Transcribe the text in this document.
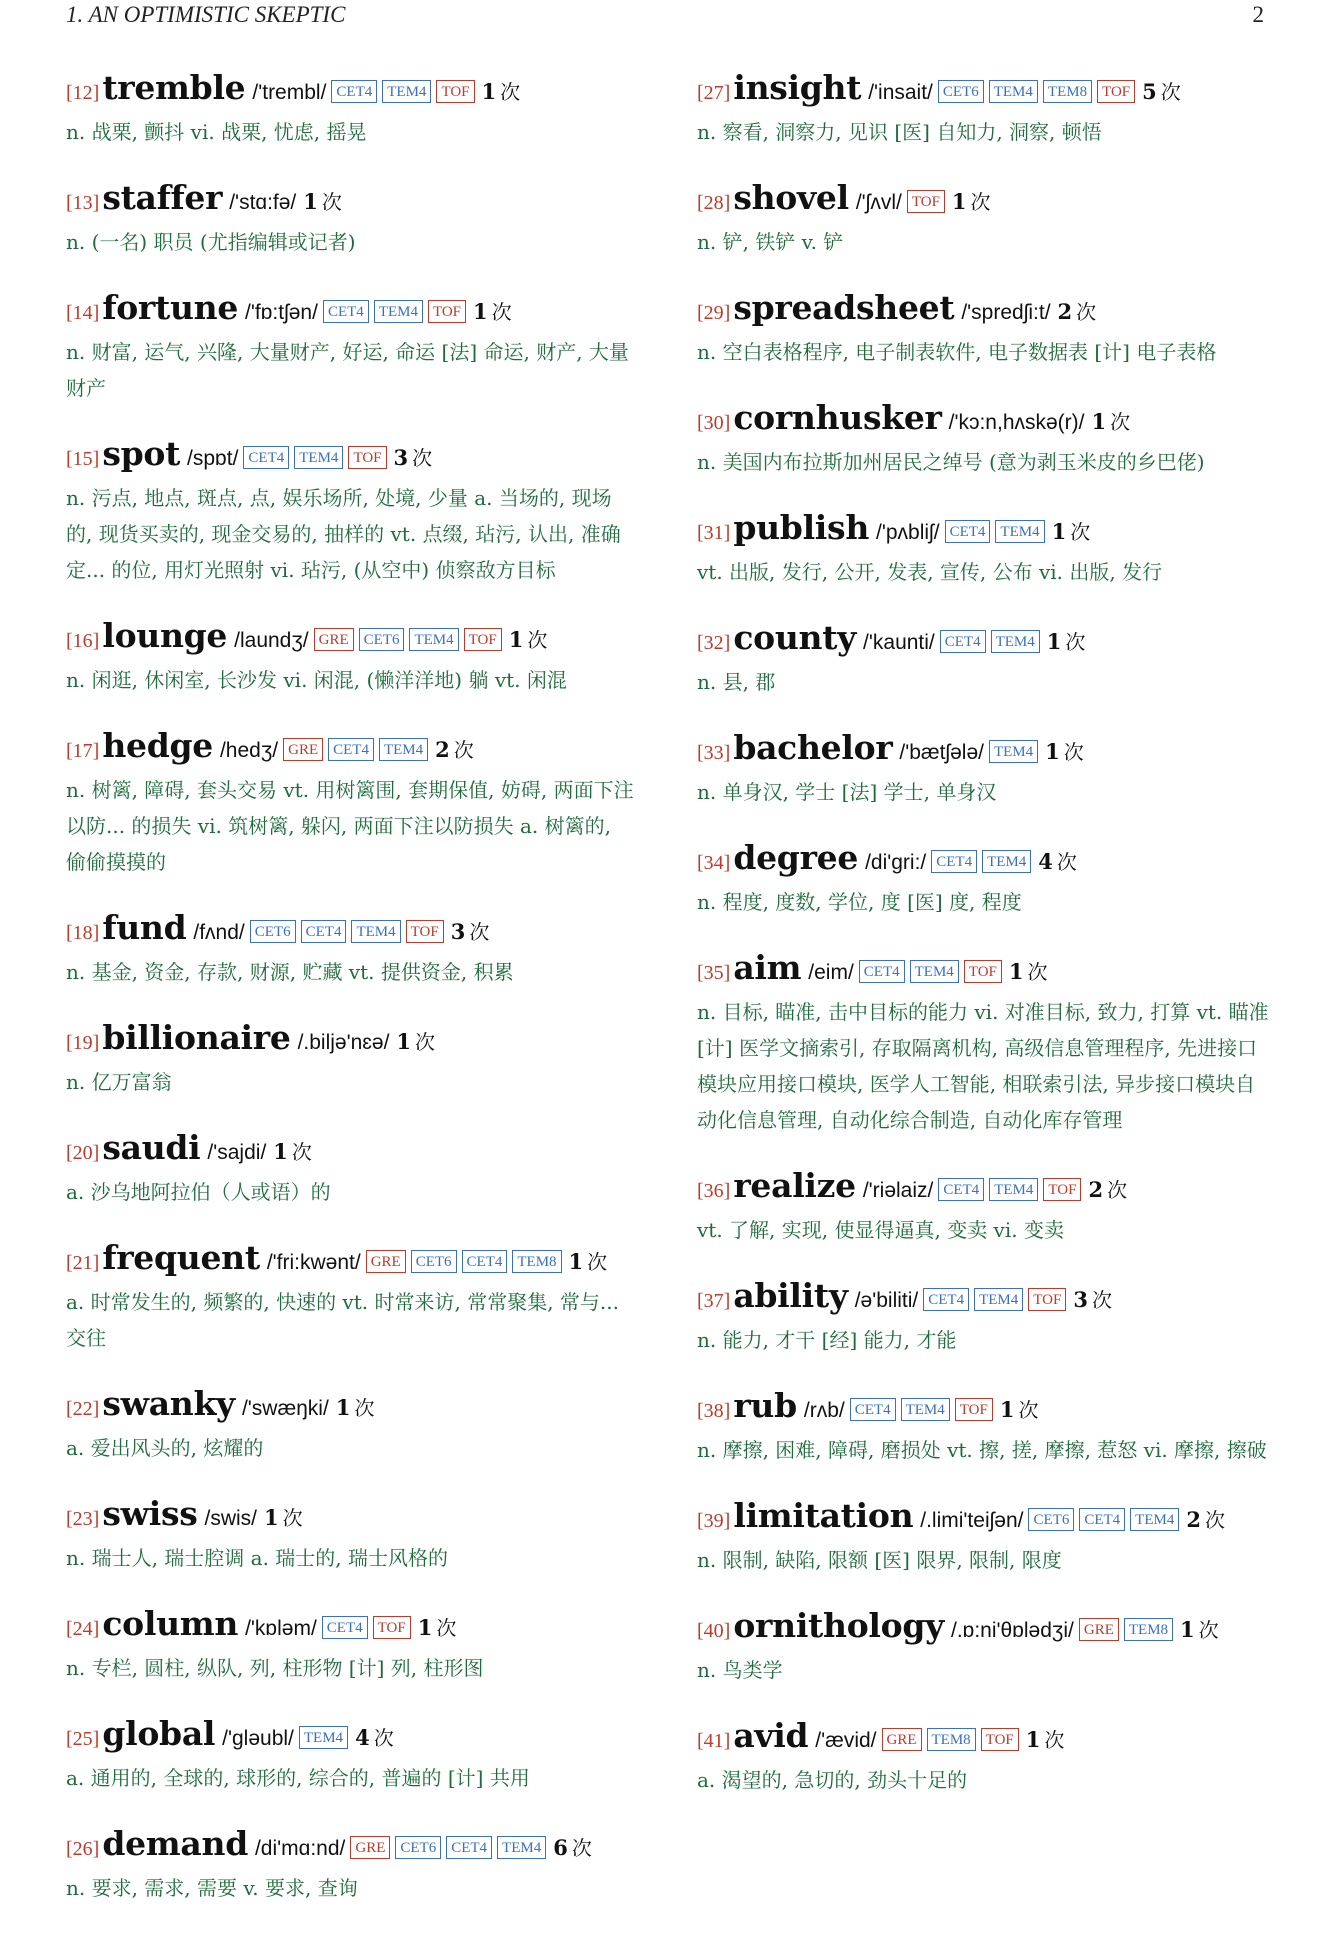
1. AN OPTIMISTIC SKEPTIC	2
[12] tremble /'trembl/ CET4	TEM4	TOF 1 次
n. 战栗, 颤抖 vi. 战栗, 忧虑, 摇晃
[13] staffer /'stɑ:fə/ 1 次
n. (一名) 职员 (尤指编辑或记者)
[14] fortune /'fɒ:tʃən/ CET4	TEM4	TOF 1 次
n. 财富, 运气, 兴隆, 大量财产, 好运, 命运 [法] 命运, 财产, 大量财产
[15] spot /spɒt/ CET4	TEM4	TOF 3 次
n. 污点, 地点, 斑点, 点, 娱乐场所, 处境, 少量 a. 当场的, 现场的, 现货买卖的, 现金交易的, 抽样的 vt. 点缀, 玷污, 认出, 准确定... 的位, 用灯光照射 vi. 玷污, (从空中) 侦察敌方目标
[16] lounge /laundʒ/ GRE	CET6	TEM4	TOF 1 次
n. 闲逛, 休闲室, 长沙发 vi. 闲混, (懒洋洋地) 躺 vt. 闲混
[17] hedge /hedʒ/ GRE	CET4	TEM4 2 次
n. 树篱, 障碍, 套头交易 vt. 用树篱围, 套期保值, 妨碍, 两面下注以防... 的损失 vi. 筑树篱, 躲闪, 两面下注以防损失 a. 树篱的, 偷偷摸摸的
[18] fund /fʌnd/ CET6	CET4	TEM4	TOF 3 次
n. 基金, 资金, 存款, 财源, 贮藏 vt. 提供资金, 积累
[19] billionaire /.biljə'nɛə/ 1 次
n. 亿万富翁
[20] saudi /'sajdi/ 1 次
a. 沙乌地阿拉伯（人或语）的
[21] frequent /'fri:kwənt/ GRE	CET6	CET4	TEM8 1 次
a. 时常发生的, 频繁的, 快速的 vt. 时常来访, 常常聚集, 常与... 交往
[22] swanky /'swæŋki/ 1 次
a. 爱出风头的, 炫耀的
[23] swiss /swis/ 1 次
n. 瑞士人, 瑞士腔调 a. 瑞士的, 瑞士风格的
[24] column /'kɒləm/ CET4	TOF 1 次
n. 专栏, 圆柱, 纵队, 列, 柱形物 [计] 列, 柱形图
[25] global /'gləubl/ TEM4 4 次
a. 通用的, 全球的, 球形的, 综合的, 普遍的 [计] 共用
[26] demand /di'mɑ:nd/ GRE	CET6	CET4	TEM4 6 次
n. 要求, 需求, 需要 v. 要求, 查询
[27] insight /'insait/ CET6	TEM4	TEM8	TOF 5 次
n. 察看, 洞察力, 见识 [医] 自知力, 洞察, 顿悟
[28] shovel /'ʃʌvl/ TOF 1 次
n. 铲, 铁铲 v. 铲
[29] spreadsheet /'spredʃi:t/ 2 次
n. 空白表格程序, 电子制表软件, 电子数据表 [计] 电子表格
[30] cornhusker /'kɔ:n,hʌskə(r)/ 1 次
n. 美国内布拉斯加州居民之绰号 (意为剥玉米皮的乡巴佬)
[31] publish /'pʌbliʃ/ CET4	TEM4 1 次
vt. 出版, 发行, 公开, 发表, 宣传, 公布 vi. 出版, 发行
[32] county /'kaunti/ CET4	TEM4 1 次
n. 县, 郡
[33] bachelor /'bætʃələ/ TEM4 1 次
n. 单身汉, 学士 [法] 学士, 单身汉
[34] degree /di'gri:/ CET4	TEM4 4 次
n. 程度, 度数, 学位, 度 [医] 度, 程度
[35] aim /eim/ CET4	TEM4	TOF 1 次
n. 目标, 瞄准, 击中目标的能力 vi. 对准目标, 致力, 打算 vt. 瞄准 [计] 医学文摘索引, 存取隔离机构, 高级信息管理程序, 先进接口模块应用接口模块, 医学人工智能, 相联索引法, 异步接口模块自动化信息管理, 自动化综合制造, 自动化库存管理
[36] realize /'riəlaiz/ CET4	TEM4	TOF 2 次
vt. 了解, 实现, 使显得逼真, 变卖 vi. 变卖
[37] ability /ə'biliti/ CET4	TEM4	TOF 3 次
n. 能力, 才干 [经] 能力, 才能
[38] rub /rʌb/ CET4	TEM4	TOF 1 次
n. 摩擦, 困难, 障碍, 磨损处 vt. 擦, 搓, 摩擦, 惹怒 vi. 摩擦, 擦破
[39] limitation /.limi'teiʃən/ CET6	CET4	TEM4 2 次
n. 限制, 缺陷, 限额 [医] 限界, 限制, 限度
[40] ornithology /.ɒ:ni'θɒlədʒi/ GRE	TEM8 1 次
n. 鸟类学
[41] avid /'ævid/ GRE	TEM8	TOF 1 次
a. 渴望的, 急切的, 劲头十足的
